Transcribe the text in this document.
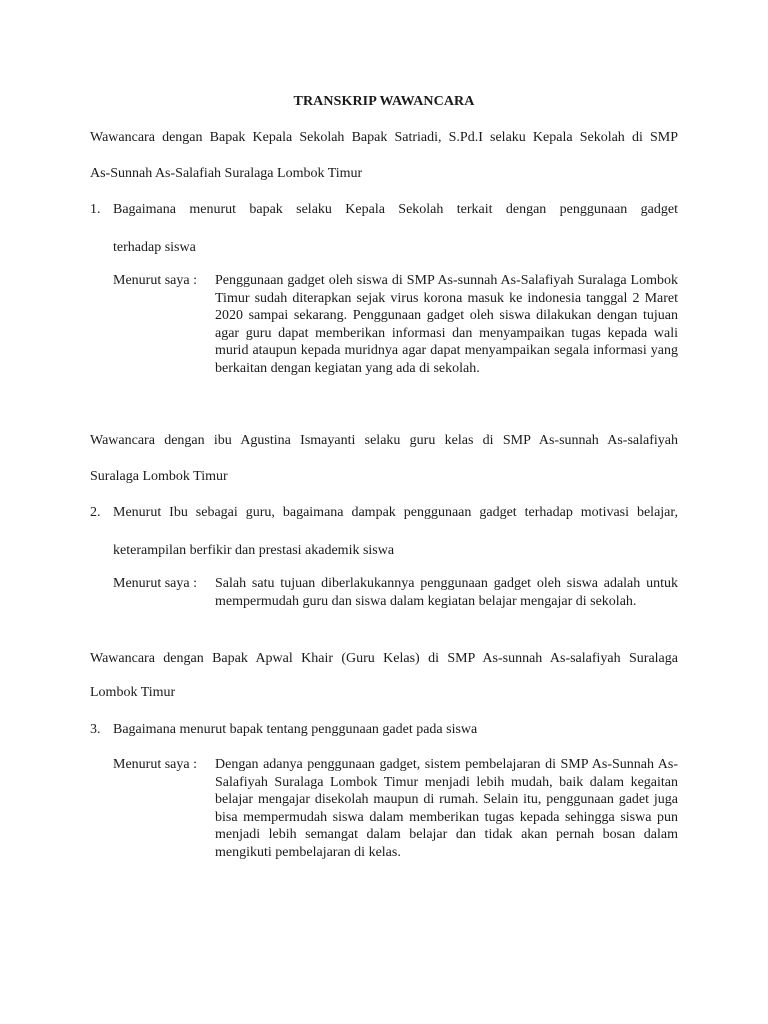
TRANSKRIP WAWANCARA
Wawancara dengan Bapak Kepala Sekolah Bapak Satriadi, S.Pd.I selaku Kepala Sekolah di SMP
As-Sunnah As-Salafiah Suralaga Lombok Timur
1. Bagaimana menurut bapak selaku Kepala Sekolah terkait dengan penggunaan gadget
terhadap siswa
Menurut saya : Penggunaan gadget oleh siswa di SMP As-sunnah As-Salafiyah Suralaga Lombok Timur sudah diterapkan sejak virus korona masuk ke indonesia tanggal 2 Maret 2020 sampai sekarang. Penggunaan gadget oleh siswa dilakukan dengan tujuan agar guru dapat memberikan informasi dan menyampaikan tugas kepada wali murid ataupun kepada muridnya agar dapat menyampaikan segala informasi yang berkaitan dengan kegiatan yang ada di sekolah.
Wawancara dengan ibu Agustina Ismayanti selaku guru kelas di SMP As-sunnah As-salafiyah
Suralaga Lombok Timur
2. Menurut Ibu sebagai guru, bagaimana dampak penggunaan gadget terhadap motivasi belajar,
keterampilan berfikir dan prestasi akademik siswa
Menurut saya : Salah satu tujuan diberlakukannya penggunaan gadget oleh siswa adalah untuk mempermudah guru dan siswa dalam kegiatan belajar mengajar di sekolah.
Wawancara dengan Bapak Apwal Khair (Guru Kelas) di SMP As-sunnah As-salafiyah Suralaga
Lombok Timur
3. Bagaimana menurut bapak tentang penggunaan gadet pada siswa
Menurut saya : Dengan adanya penggunaan gadget, sistem pembelajaran di SMP As-Sunnah As-Salafiyah Suralaga Lombok Timur menjadi lebih mudah, baik dalam kegaitan belajar mengajar disekolah maupun di rumah. Selain itu, penggunaan gadet juga bisa mempermudah siswa dalam memberikan tugas kepada sehingga siswa pun menjadi lebih semangat dalam belajar dan tidak akan pernah bosan dalam mengikuti pembelajaran di kelas.
